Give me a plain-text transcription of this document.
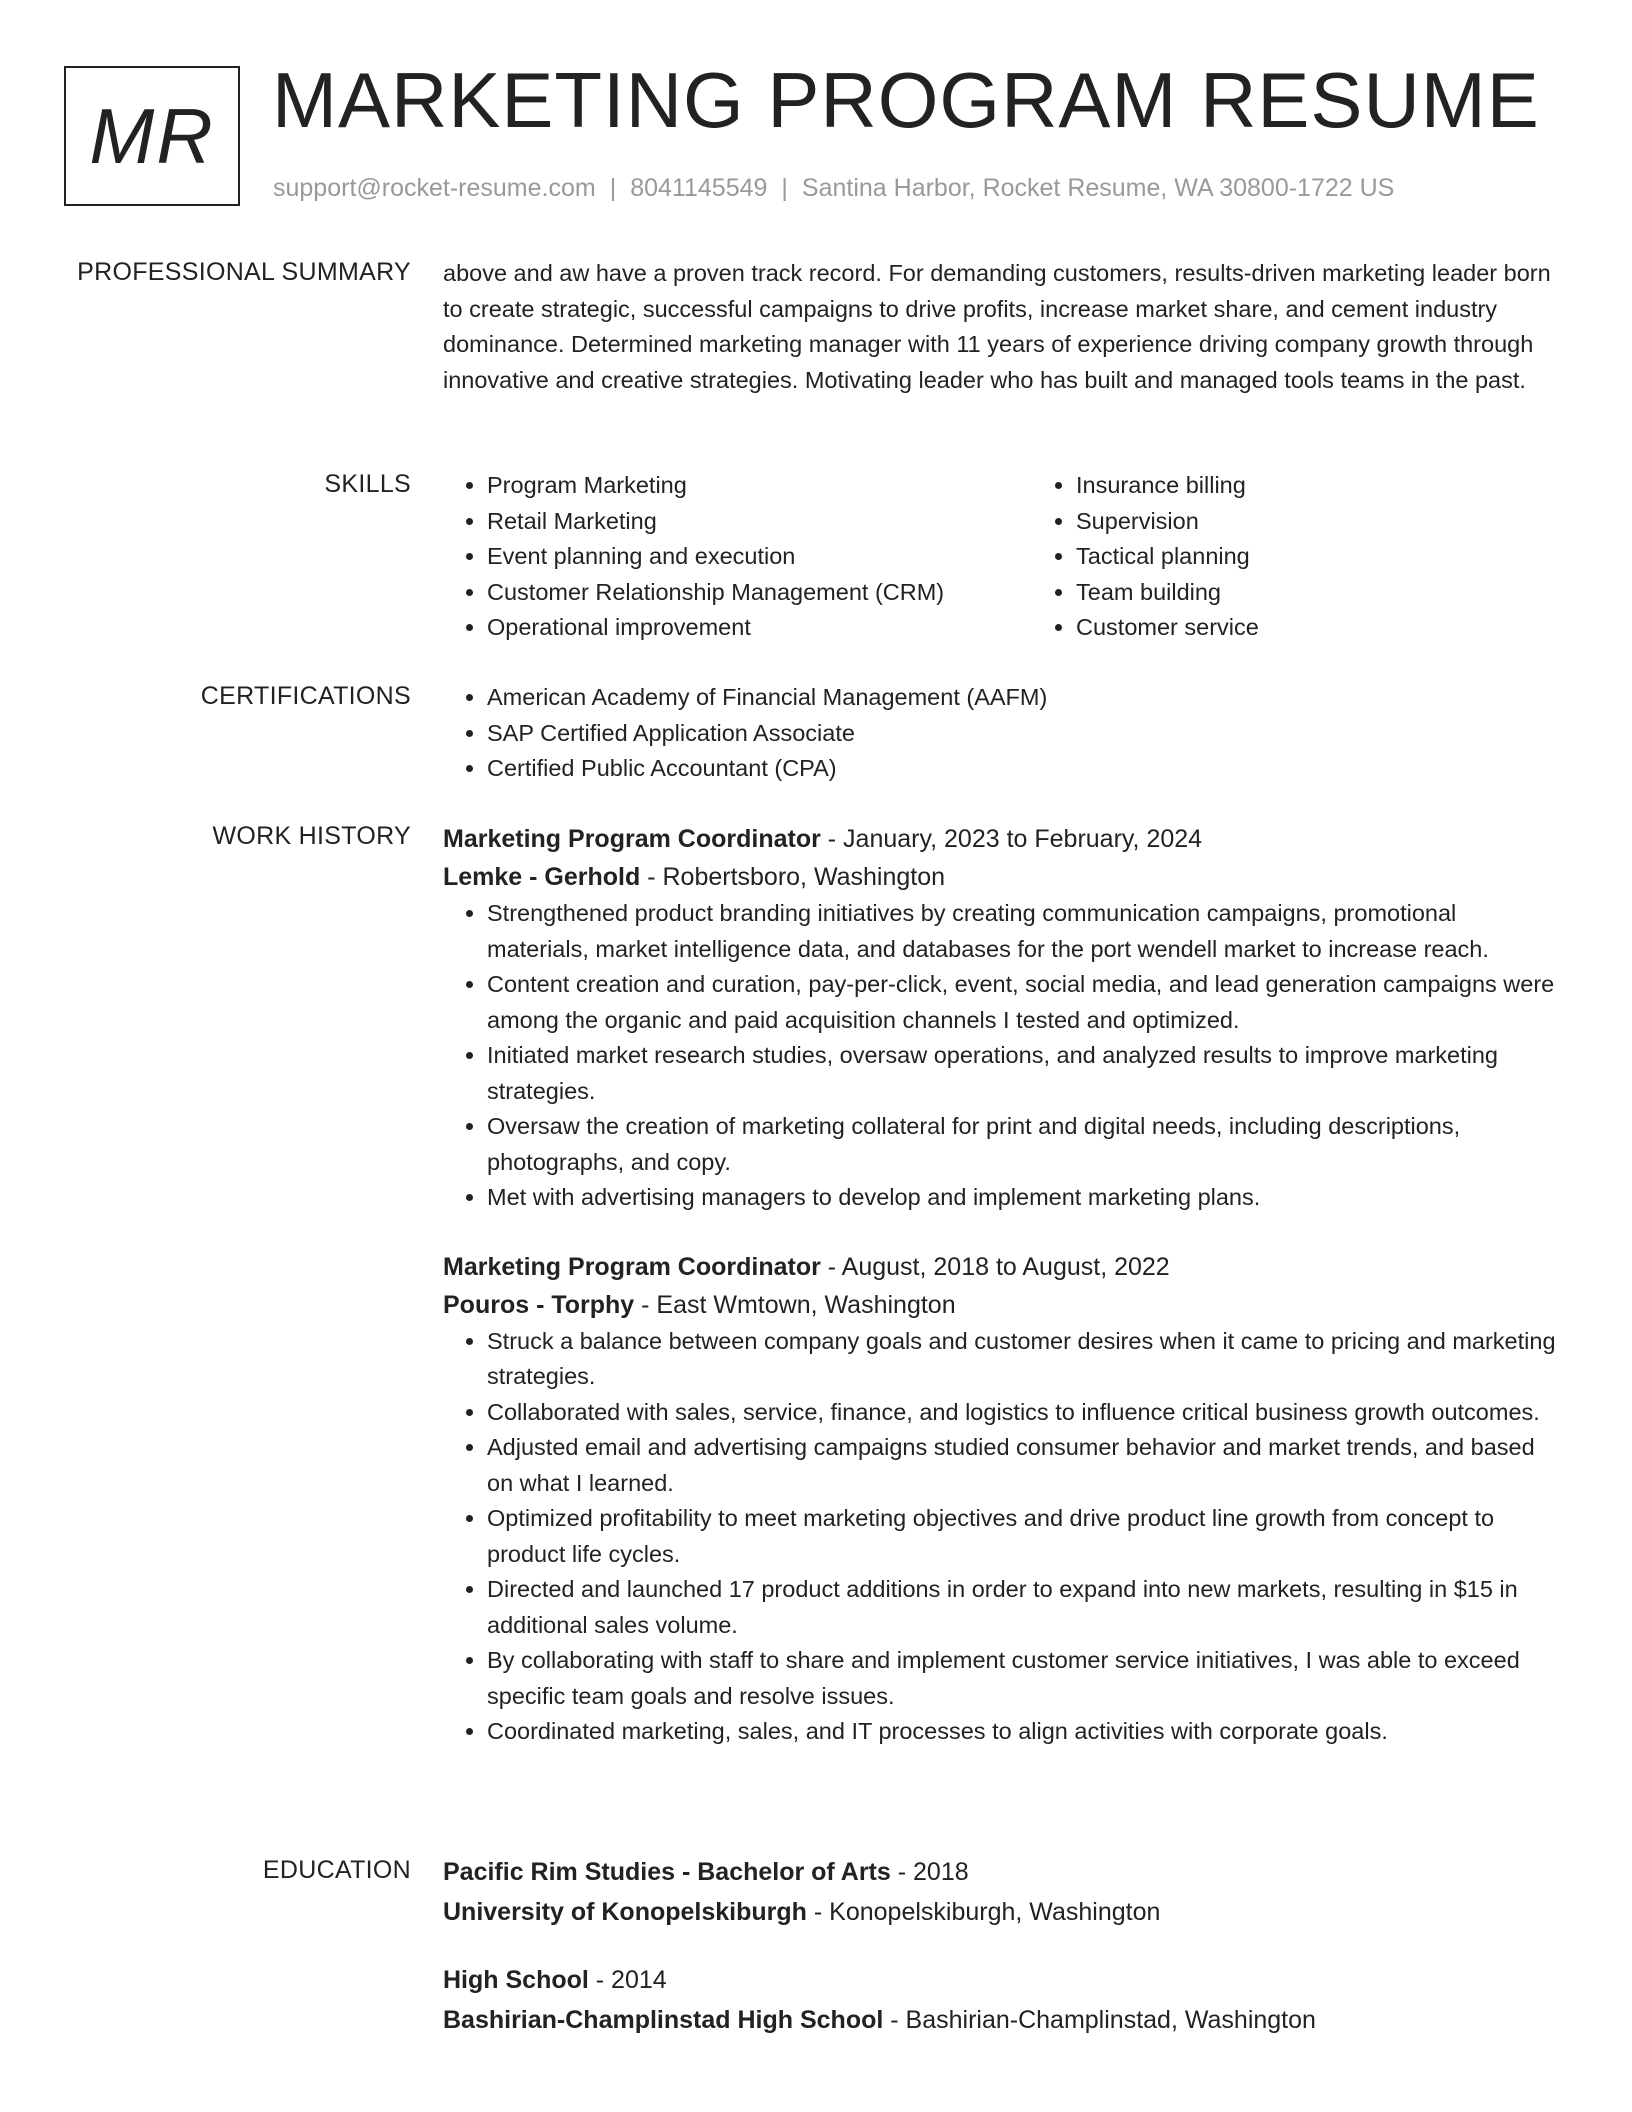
MR MARKETING PROGRAM RESUME
support@rocket-resume.com | 8041145549 | Santina Harbor, Rocket Resume, WA 30800-1722 US
PROFESSIONAL SUMMARY above and aw have a proven track record. For demanding customers, results-driven marketing leader born to create strategic, successful campaigns to drive profits, increase market share, and cement industry dominance. Determined marketing manager with 11 years of experience driving company growth through innovative and creative strategies. Motivating leader who has built and managed tools teams in the past.
SKILLS	• Program Marketing
• Retail Marketing
• Event planning and execution
• Customer Relationship Management (CRM)
• Operational improvement
• Insurance billing
• Supervision
• Tactical planning
• Team building
• Customer service
CERTIFICATIONS	• American Academy of Financial Management (AAFM)
• SAP Certified Application Associate
• Certified Public Accountant (CPA)
WORK HISTORY Marketing Program Coordinator - January, 2023 to February, 2024
Lemke - Gerhold - Robertsboro, Washington
• Strengthened product branding initiatives by creating communication campaigns, promotional materials, market intelligence data, and databases for the port wendell market to increase reach.
• Content creation and curation, pay-per-click, event, social media, and lead generation campaigns were among the organic and paid acquisition channels I tested and optimized.
• Initiated market research studies, oversaw operations, and analyzed results to improve marketing strategies.
• Oversaw the creation of marketing collateral for print and digital needs, including descriptions, photographs, and copy.
• Met with advertising managers to develop and implement marketing plans.
Marketing Program Coordinator - August, 2018 to August, 2022
Pouros - Torphy - East Wmtown, Washington
• Struck a balance between company goals and customer desires when it came to pricing and marketing strategies.
• Collaborated with sales, service, finance, and logistics to influence critical business growth outcomes.
• Adjusted email and advertising campaigns studied consumer behavior and market trends, and based on what I learned.
• Optimized profitability to meet marketing objectives and drive product line growth from concept to product life cycles.
• Directed and launched 17 product additions in order to expand into new markets, resulting in $15 in additional sales volume.
• By collaborating with staff to share and implement customer service initiatives, I was able to exceed specific team goals and resolve issues.
• Coordinated marketing, sales, and IT processes to align activities with corporate goals.
EDUCATION Pacific Rim Studies - Bachelor of Arts - 2018
University of Konopelskiburgh - Konopelskiburgh, Washington
High School - 2014
Bashirian-Champlinstad High School - Bashirian-Champlinstad, Washington
